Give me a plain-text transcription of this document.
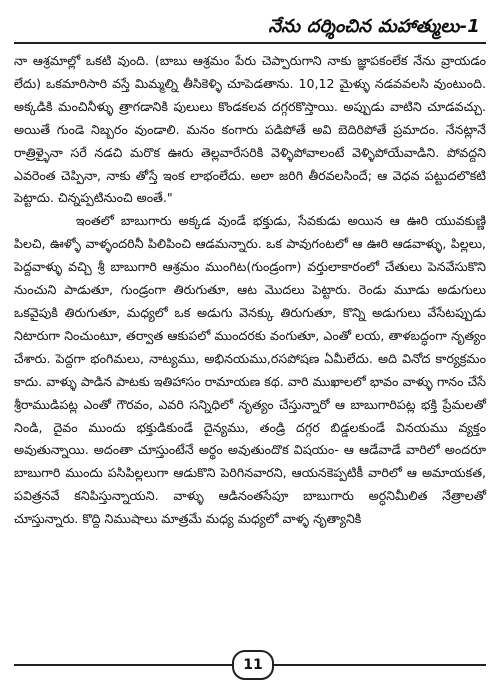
నేను దర్శించిన మహాత్ములు-1

నా ఆశ్రమాల్లో ఒకటి వుంది. (బాబు ఆశ్రమం పేరు చెప్పారుగాని నాకు జ్ఞాపకంలేక నేను వ్రాయడం లేదు) ఒకమారిసారి వస్తే మిమ్మల్ని తీసికెళ్ళి చూపెడతాను. 10,12 మైళ్ళు నడవవలసి వుంటుంది. అక్కడికి మంచినీళ్ళు త్రాగడానికి పులులు కొండకలవ దగ్గరకొస్తాయి. అప్పుడు వాటిని చూడవచ్చు. అయితే గుండె నిబ్బరం వుండాలి. మనం కంగారు పడిపోతే అవి బెదిరిపోతే ప్రమాదం. నేనట్లానే రాత్రిళ్ళైనా సరే నడచి మరొక ఊరు తెల్లవారేసరికి వెళ్ళిపోవాలంటే వెళ్ళిపోయేవాడిని. పోవద్దని ఎవరెంత చెప్పినా, నాకు తోస్తే ఇంక లాభంలేదు. అలా జరిగి తీరవలసిందే; ఆ వెధవ పట్టుదలొకటి పెట్టాదు. చిన్నప్పటినుంచి అంతే."

ఇంతలో బాబుగారు అక్కడ వుండే భక్తుడు, సేవకుడు అయిన ఆ ఊరి యువకుణ్ణి పిలచి, ఊళ్ళో వాళ్ళందరినీ పిలిపించి ఆడమన్నారు. ఒక పావుగంటలో ఆ ఊరి ఆడవాళ్ళు, పిల్లలు, పెద్దవాళ్ళు వచ్చి శ్రీ బాబుగారి ఆశ్రమం ముంగిట(గుండ్రంగా) వర్తులాకారంలో చేతులు పెనవేసుకొని నుంచుని పాడుతూ, గుండ్రంగా తిరుగుతూ, ఆట మొదలు పెట్టారు. రెండు మూడు అడుగులు ఒకవైపుకి తిరుగుతూ, మధ్యలో ఒక అడుగు వెనక్కు తిరుగుతూ, కొన్ని అడుగులు వేసేటప్పుడు నిటారుగా నించుంటూ, తర్వాత ఆకుపలో ముందరకు వంగుతూ, ఎంతో లయ, తాళబద్ధంగా నృత్యం చేశారు. పెద్దగా భంగిమలు, నాట్యము, అభినయము,రసపోషణ ఏమీలేదు. అది వినోద కార్యక్రమం కాదు. వాళ్ళు పాడిన పాటకు ఇతిహాసం రామాయణ కథ. వారి ముఖాలలో భావం వాళ్ళు గానం చేసే శ్రీరాముడిపట్ల ఎంతో గౌరవం, ఎవరి సన్నిధిలో నృత్యం చేస్తున్నారో ఆ బాబుగారిపట్ల భక్తి ప్రేమలతో నిండి, దైవం ముందు భక్తుడికుండే దైన్యము, తండ్రి దగ్గర బిడ్డలకుండే వినయము వ్యక్తం అవుతున్నాయి. అదంతా చూస్తుంటేనే అర్థం అవుతుందొక విషయం- ఆ ఆడేవాడే వారిలో అందరూ బాబుగారి ముందు పసిపిల్లలుగా ఆడుకొని పెరిగినవారని, ఆయనకెప్పటికీ వారిలో ఆ అమాయకత, పవిత్రనవే కనిపిస్తున్నాయని. వాళ్ళు ఆడినంతసేపూ బాబుగారు అర్ధనిమీలిత నేత్రాలతో చూస్తున్నారు. కొద్ది నిముషాలు మాత్రమే మధ్య మధ్యలో వాళ్ళ నృత్యానికి

11
